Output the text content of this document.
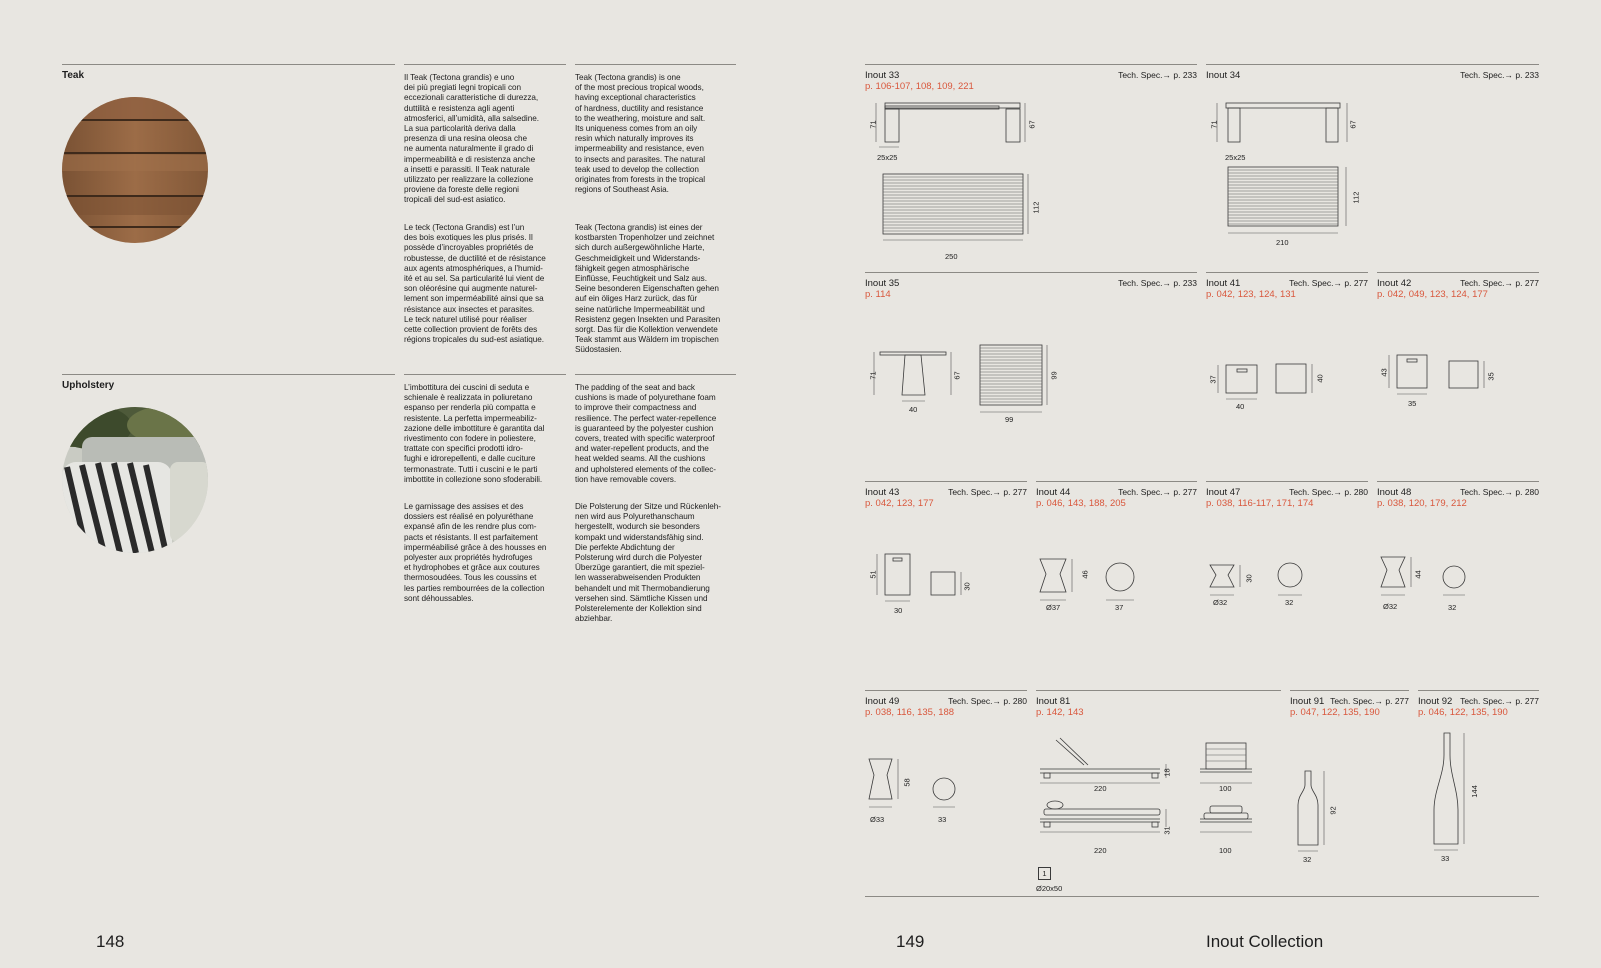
Teak	Il Teak (Tectona grandis) e uno
dei più pregiati legni tropicali con
eccezionali caratteristiche di durezza,
duttilità e resistenza agli agenti
atmosferici, all’umidità, alla salsedine.
La sua particolarità deriva dalla
presenza di una resina oleosa che
ne aumenta naturalmente il grado di
impermeabilità e di resistenza anche
a insetti e parassiti. Il Teak naturale
utilizzato per realizzare la collezione
proviene da foreste delle regioni
tropicali del sud-est asiatico.
Teak (Tectona grandis) is one
of the most precious tropical woods,
having exceptional characteristics
of hardness, ductility and resistance
to the weathering, moisture and salt.
Its uniqueness comes from an oily
resin which naturally improves its
impermeability and resistance, even
to insects and parasites. The natural
teak used to develop the collection
originates from forests in the tropical
regions of Southeast Asia.
Le teck (Tectona Grandis) est l’un
des bois exotiques les plus prisés. Il
possède d’incroyables propriétés de
robustesse, de ductilité et de résistance
aux agents atmosphériques, a l’humid-
ité et au sel. Sa particularité lui vient de
son oléorésine qui augmente naturel-
lement son imperméabilité ainsi que sa
résistance aux insectes et parasites.
Le teck naturel utilisé pour réaliser
cette collection provient de forêts des
régions tropicales du sud-est asiatique.
Teak (Tectona grandis) ist eines der
kostbarsten Tropenholzer und zeichnet
sich durch außergewöhnliche Harte,
Geschmeidigkeit und Widerstands-
fähigkeit gegen atmosphärische
Einflüsse, Feuchtigkeit und Salz aus.
Seine besonderen Eigenschaften gehen
auf ein öliges Harz zurück, das für
seine natürliche Impermeabilität und
Resistenz gegen Insekten und Parasiten
sorgt. Das für die Kollektion verwendete
Teak stammt aus Wäldern im tropischen
Südostasien.
Upholstery	L’imbottitura dei cuscini di seduta e
schienale è realizzata in poliuretano
espanso per renderla più compatta e
resistente. La perfetta impermeabiliz-
zazione delle imbottiture è garantita dal
rivestimento con fodere in poliestere,
trattate con specifici prodotti idro-
fughi e idrorepellenti, e dalle cuciture
termonastrate. Tutti i cuscini e le parti
imbottite in collezione sono sfoderabili.
The padding of the seat and back
cushions is made of polyurethane foam
to improve their compactness and
resilience. The perfect water-repellence
is guaranteed by the polyester cushion
covers, treated with specific waterproof
and water-repellent products, and the
heat welded seams. All the cushions
and upholstered elements of the collec-
tion have removable covers.
Le garnissage des assises et des
dossiers est réalisé en polyuréthane
expansé afin de les rendre plus com-
pacts et résistants. Il est parfaitement
imperméabilisé grâce à des housses en
polyester aux propriétés hydrofuges
et hydrophobes et grâce aux coutures
thermosoudées. Tous les coussins et
les parties rembourrées de la collection
sont déhoussables.
Die Polsterung der Sitze und Rückenleh-
nen wird aus Polyurethanschaum
hergestellt, wodurch sie besonders
kompakt und widerstandsfähig sind.
Die perfekte Abdichtung der
Polsterung wird durch die Polyester
Überzüge garantiert, die mit speziel-
len wasserabweisenden Produkten
behandelt und mit Thermobandierung
versehen sind. Sämtliche Kissen und
Polsterelemente der Kollektion sind
abziehbar.
148
Inout 33
p. 106-107, 108, 109, 221
Tech. Spec.→ p. 233
71	67
25x25
112
250
Inout 34	Tech. Spec.→ p. 233
71	67
25x25
112
210
Inout 35
p. 114
Tech. Spec.→ p. 233
71	67
40
99
99
Inout 41
p. 042, 123, 124, 131
Tech. Spec.→ p. 277
37	40
40
Inout 42
p. 042, 049, 123, 124, 177
Tech. Spec.→ p. 277
43	35
35
Inout 43
p. 042, 123, 177
Tech. Spec.→ p. 277
51
30
30
Inout 44
p. 046, 143, 188, 205
Tech. Spec.→ p. 277
46
Ø37	37
Inout 47
p. 038, 116-117, 171, 174
Tech. Spec.→ p. 280
30
Ø32	32
Inout 48
p. 038, 120, 179, 212
Tech. Spec.→ p. 280
44
Ø32	32
Inout 49
p. 038, 116, 135, 188
Tech. Spec.→ p. 280
58
Ø33	33
Inout 81
p. 142, 143
18
220	100
31
220	100
1
Ø20x50
Inout 91
p. 047, 122, 135, 190
Tech. Spec.→ p. 277
92
32
Inout 92
p. 046, 122, 135, 190
Tech. Spec.→ p. 277
144
33
149	Inout Collection
